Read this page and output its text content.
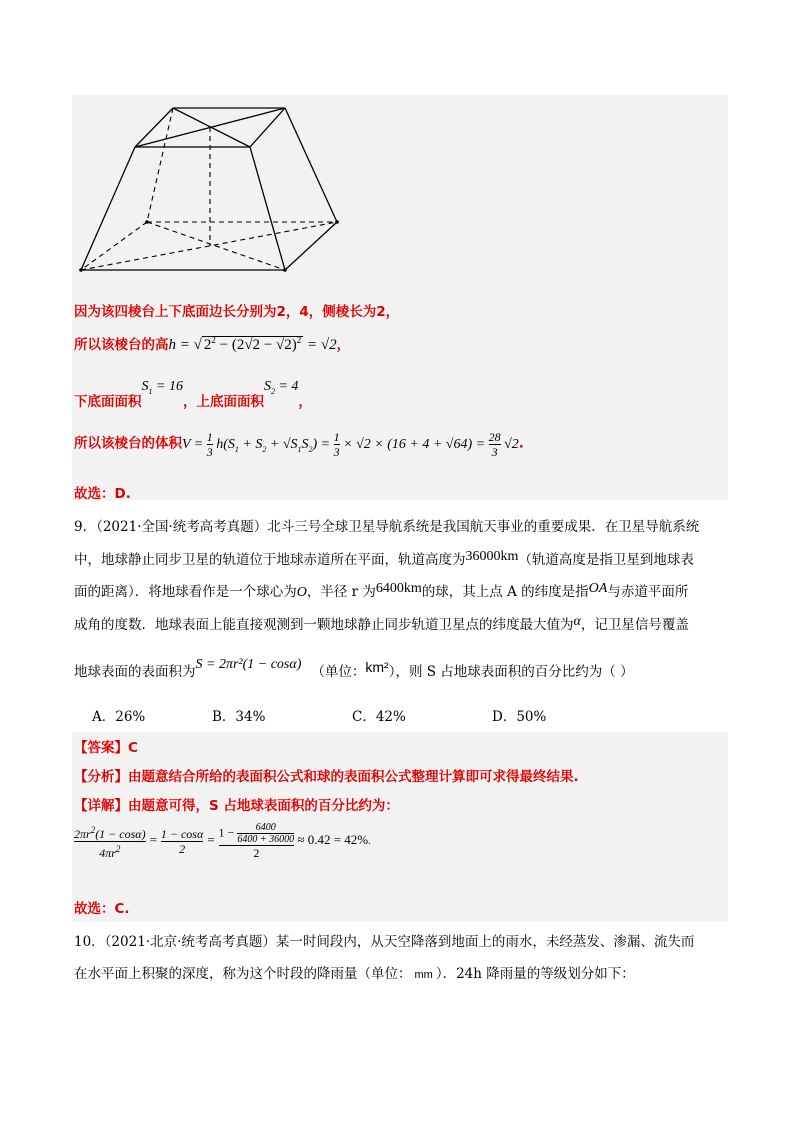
因为该四棱台上下底面边长分别为2，4，侧棱长为2，
所以该棱台的高h = √ $2^2 - (2√2 - √2)^2 = √2$，
下底面面积$S_1 = 16$，上底面面积$S_2 = 4$，
所以该棱台的体积$V = \frac{1}{3} h(S_1 + S_2 + √S_1S_2) = \frac{1}{3} \times √2 \times (16 + 4 + √64) = \frac{28}{3} √2$.
故选：D.
9．（2021·全国·统考高考真题）北斗三号全球卫星导航系统是我国航天事业的重要成果．在卫星导航系统
中，地球静止同步卫星的轨道位于地球赤道所在平面，轨道高度为36000km（轨道高度是指卫星到地球表
面的距离）．将地球看作是一个球心为O，半径 r 为6400km的球，其上点 A 的纬度是指OA与赤道平面所
成角的度数．地球表面上能直接观测到一颗地球静止同步轨道卫星点的纬度最大值为α，记卫星信号覆盖
地球表面的表面积为S = 2πr²(1 − cosα) （单位：km²），则 S 占地球表面积的百分比约为（ ）
A．26%	B．34%	C．42%	D．50%
【答案】C
【分析】由题意结合所给的表面积公式和球的表面积公式整理计算即可求得最终结果.
【详解】由题意可得，S 占地球表面积的百分比约为：
$\frac{2\pi r^2(1 - \cos\alpha)}{4\pi r^2} = \frac{1 - \cos\alpha}{2} = \frac{1 - \frac{6400}{6400 + 36000}}{2} \approx 0.42 = 42\%$.
故选：C.
10．（2021·北京·统考高考真题）某一时间段内，从天空降落到地面上的雨水，未经蒸发、渗漏、流失而
在水平面上积聚的深度，称为这个时段的降雨量（单位： mm ）．24h 降雨量的等级划分如下：
